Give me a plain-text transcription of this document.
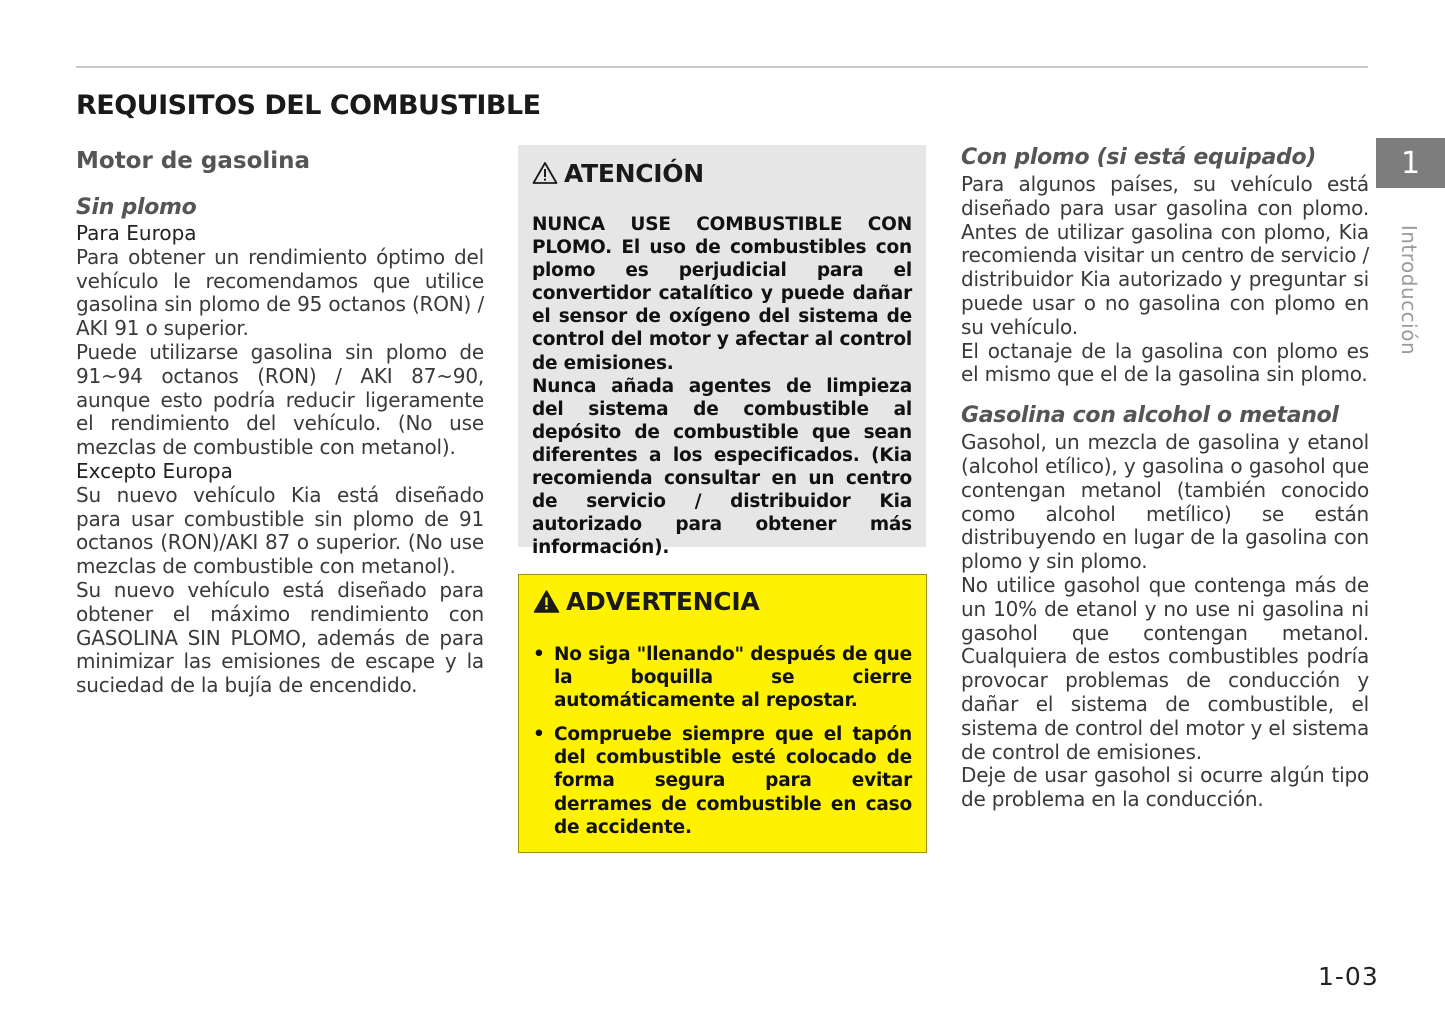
REQUISITOS DEL COMBUSTIBLE
Motor de gasolina
Sin plomo

Para Europa

Para obtener un rendimiento óptimo del vehículo le recomendamos que utilice gasolina sin plomo de 95 octanos (RON) / AKI 91 o superior.

Puede utilizarse gasolina sin plomo de 91~94 octanos (RON) / AKI 87~90, aunque esto podría reducir ligeramente el rendimiento del vehículo. (No use mezclas de combustible con metanol).

Excepto Europa

Su nuevo vehículo Kia está diseñado para usar combustible sin plomo de 91 octanos (RON)/AKI 87 o superior. (No use mezclas de combustible con metanol).

Su nuevo vehículo está diseñado para obtener el máximo rendimiento con GASOLINA SIN PLOMO, además de para minimizar las emisiones de escape y la suciedad de la bujía de encendido.

ATENCIÓN

NUNCA USE COMBUSTIBLE CON PLOMO. El uso de combustibles con plomo es perjudicial para el convertidor catalítico y puede dañar el sensor de oxígeno del sistema de control del motor y afectar al control de emisiones.

Nunca añada agentes de limpieza del sistema de combustible al depósito de combustible que sean diferentes a los especificados. (Kia recomienda consultar en un centro de servicio / distribuidor Kia autorizado para obtener más información).

ADVERTENCIA
• No siga "llenando" después de que la boquilla se cierre automáticamente al repostar.
• Compruebe siempre que el tapón del combustible esté colocado de forma segura para evitar derrames de combustible en caso de accidente.
Con plomo (si está equipado)

Para algunos países, su vehículo está diseñado para usar gasolina con plomo. Antes de utilizar gasolina con plomo, Kia recomienda visitar un centro de servicio / distribuidor Kia autorizado y preguntar si puede usar o no gasolina con plomo en su vehículo.

El octanaje de la gasolina con plomo es el mismo que el de la gasolina sin plomo.

Gasolina con alcohol o metanol

Gasohol, un mezcla de gasolina y etanol (alcohol etílico), y gasolina o gasohol que contengan metanol (también conocido como alcohol metílico) se están distribuyendo en lugar de la gasolina con plomo y sin plomo.

No utilice gasohol que contenga más de un 10% de etanol y no use ni gasolina ni gasohol que contengan metanol. Cualquiera de estos combustibles podría provocar problemas de conducción y dañar el sistema de combustible, el sistema de control del motor y el sistema de control de emisiones.

Deje de usar gasohol si ocurre algún tipo de problema en la conducción.

1
Introducción
1-03
